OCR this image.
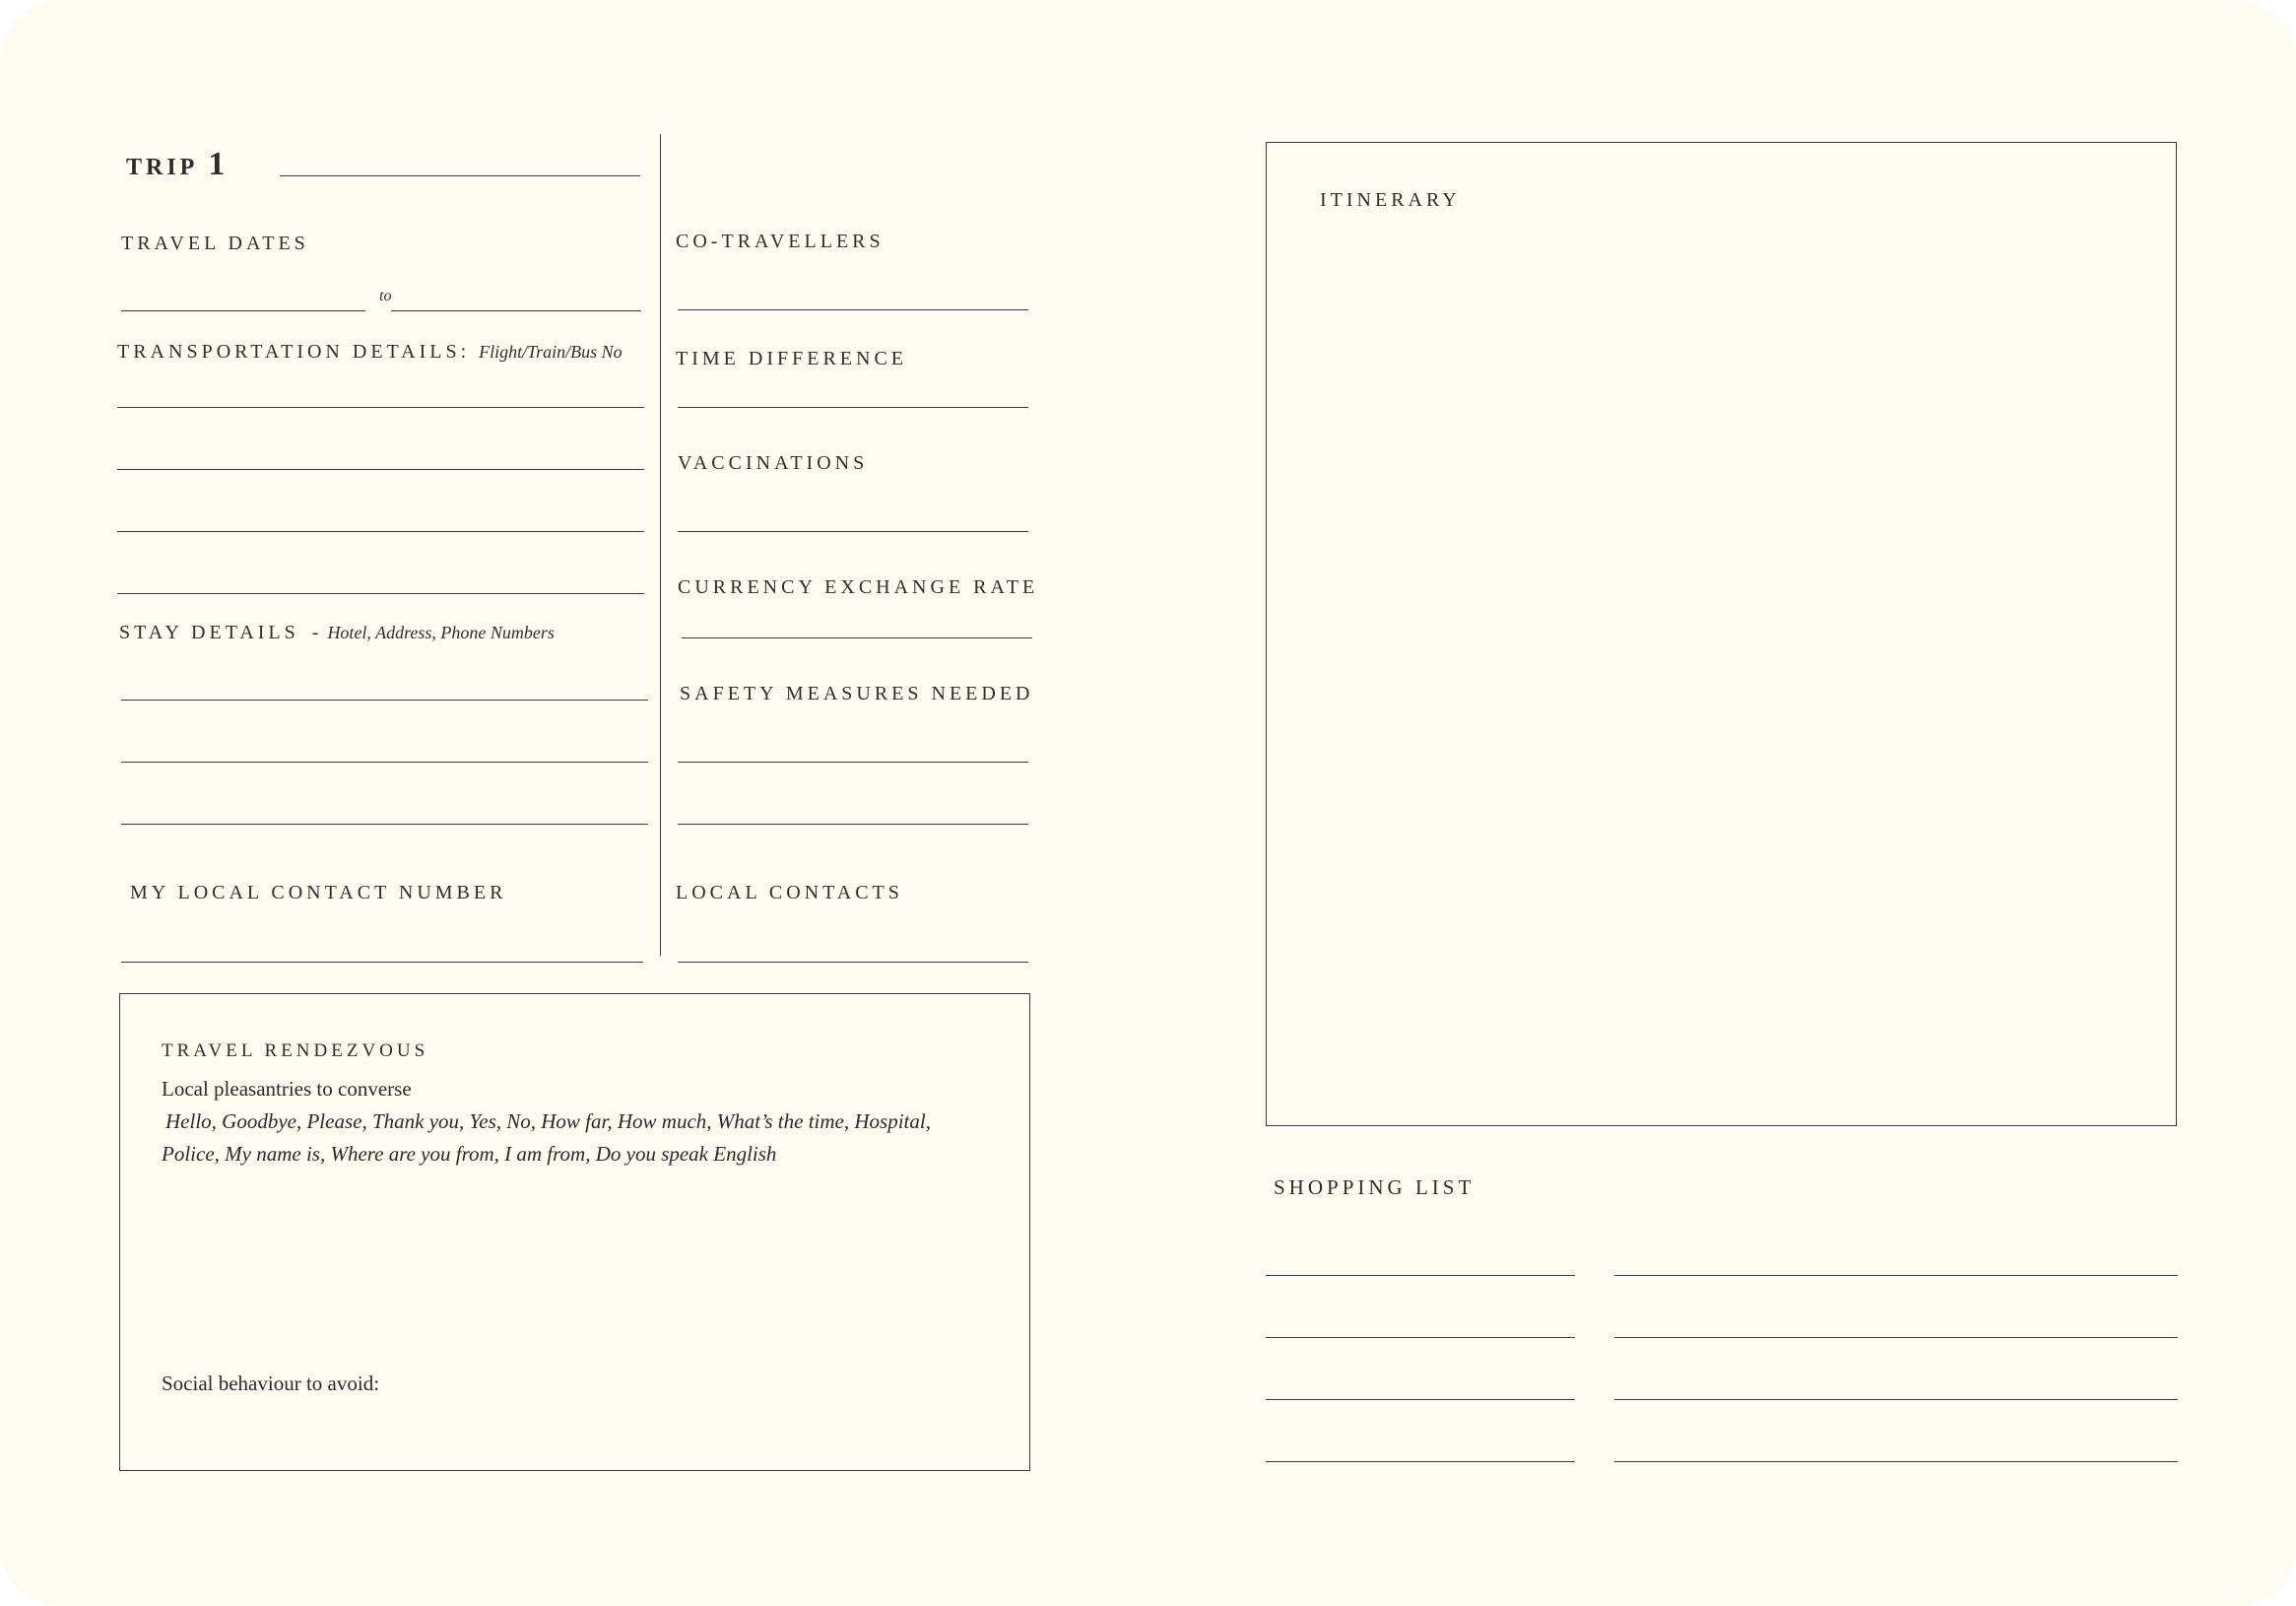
TRIP 1
TRAVEL DATES
to
TRANSPORTATION DETAILS: Flight/Train/Bus No
STAY DETAILS - Hotel, Address, Phone Numbers
MY LOCAL CONTACT NUMBER
CO-TRAVELLERS
TIME DIFFERENCE
VACCINATIONS
CURRENCY EXCHANGE RATE
SAFETY MEASURES NEEDED
LOCAL CONTACTS
TRAVEL RENDEZVOUS
Local pleasantries to converse
Hello, Goodbye, Please, Thank you, Yes, No, How far, How much, What’s the time, Hospital,
Police, My name is, Where are you from, I am from, Do you speak English
Social behaviour to avoid:
ITINERARY
SHOPPING LIST
